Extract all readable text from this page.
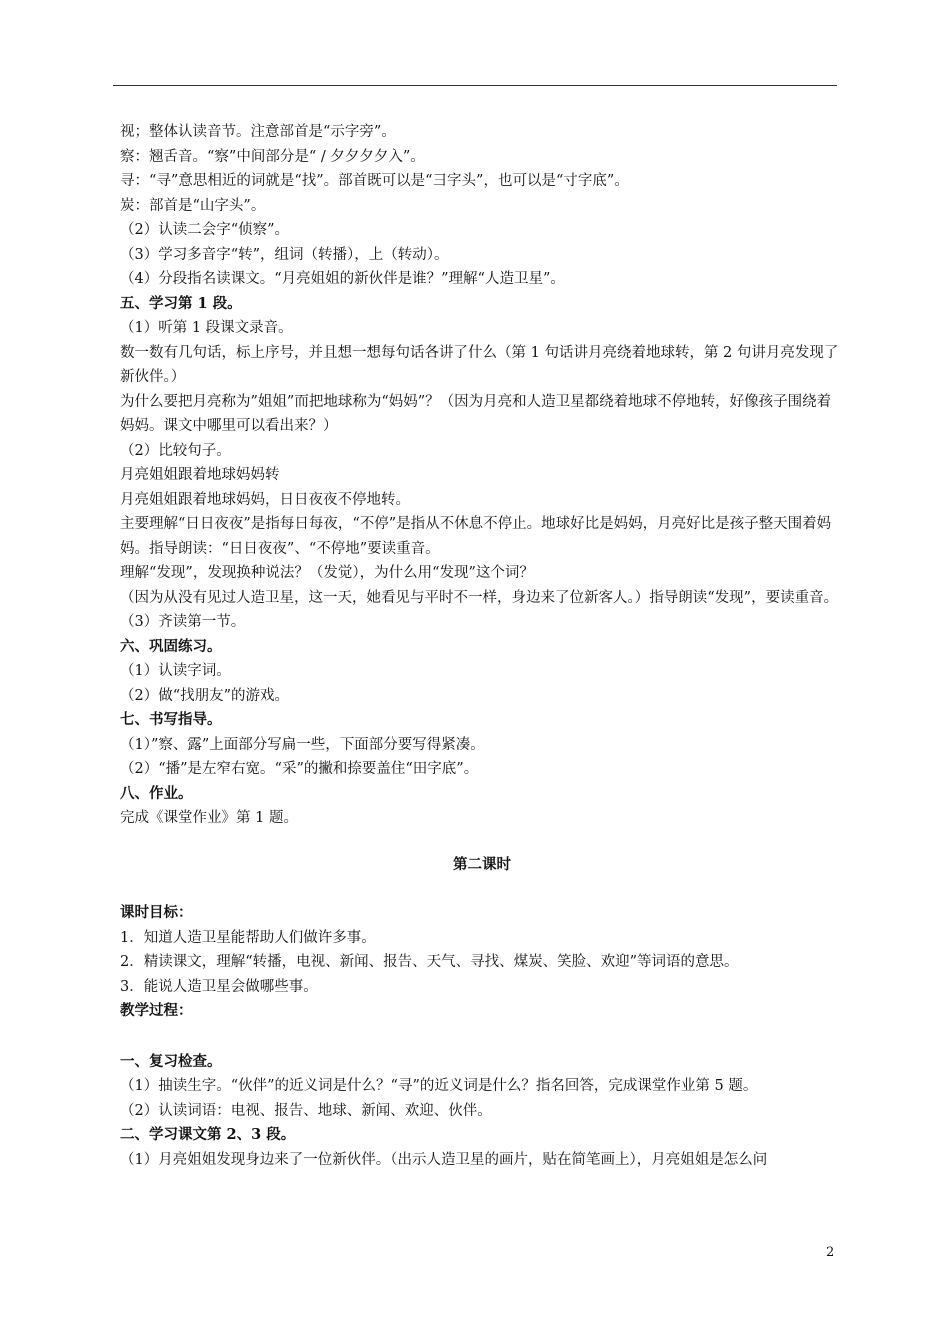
视；整体认读音节。注意部首是“示字旁”。
察：翘舌音。“察”中间部分是“ / 夕夕夕夕入”。
寻：“寻”意思相近的词就是“找”。部首既可以是“彐字头”，也可以是“寸字底”。
炭：部首是“山字头”。
（2）认读二会字“侦察”。
（3）学习多音字“转”，组词（转播），上（转动）。
（4）分段指名读课文。“月亮姐姐的新伙伴是谁？”理解“人造卫星”。
五、学习第 1 段。
（1）听第 1 段课文录音。
数一数有几句话，标上序号，并且想一想每句话各讲了什么（第 1 句话讲月亮绕着地球转，第 2 句讲月亮发现了新伙伴。）
为什么要把月亮称为”姐姐”而把地球称为“妈妈”？（因为月亮和人造卫星都绕着地球不停地转，好像孩子围绕着妈妈。课文中哪里可以看出来？）
（2）比较句子。
月亮姐姐跟着地球妈妈转
月亮姐姐跟着地球妈妈，日日夜夜不停地转。
主要理解“日日夜夜”是指每日每夜，“不停”是指从不休息不停止。地球好比是妈妈，月亮好比是孩子整天围着妈妈。指导朗读：“日日夜夜”、“不停地”要读重音。
理解“发现”，发现换种说法？（发觉），为什么用“发现”这个词？
（因为从没有见过人造卫星，这一天，她看见与平时不一样，身边来了位新客人。）指导朗读“发现”，要读重音。
（3）齐读第一节。
六、巩固练习。
（1）认读字词。
（2）做“找朋友”的游戏。
七、书写指导。
（1）”察、露”上面部分写扁一些，下面部分要写得紧凑。
（2）“播”是左窄右宽。“采”的撇和捺要盖住“田字底”。
八、作业。
完成《课堂作业》第 1 题。
第二课时
课时目标：
1．知道人造卫星能帮助人们做许多事。
2．精读课文，理解“转播，电视、新闻、报告、天气、寻找、煤炭、笑脸、欢迎”等词语的意思。
3．能说人造卫星会做哪些事。
教学过程：
一、复习检查。
（1）抽读生字。“伙伴”的近义词是什么？“寻”的近义词是什么？指名回答，完成课堂作业第 5 题。
（2）认读词语：电视、报告、地球、新闻、欢迎、伙伴。
二、学习课文第 2、3 段。
（1）月亮姐姐发现身边来了一位新伙伴。（出示人造卫星的画片，贴在简笔画上），月亮姐姐是怎么问
2
